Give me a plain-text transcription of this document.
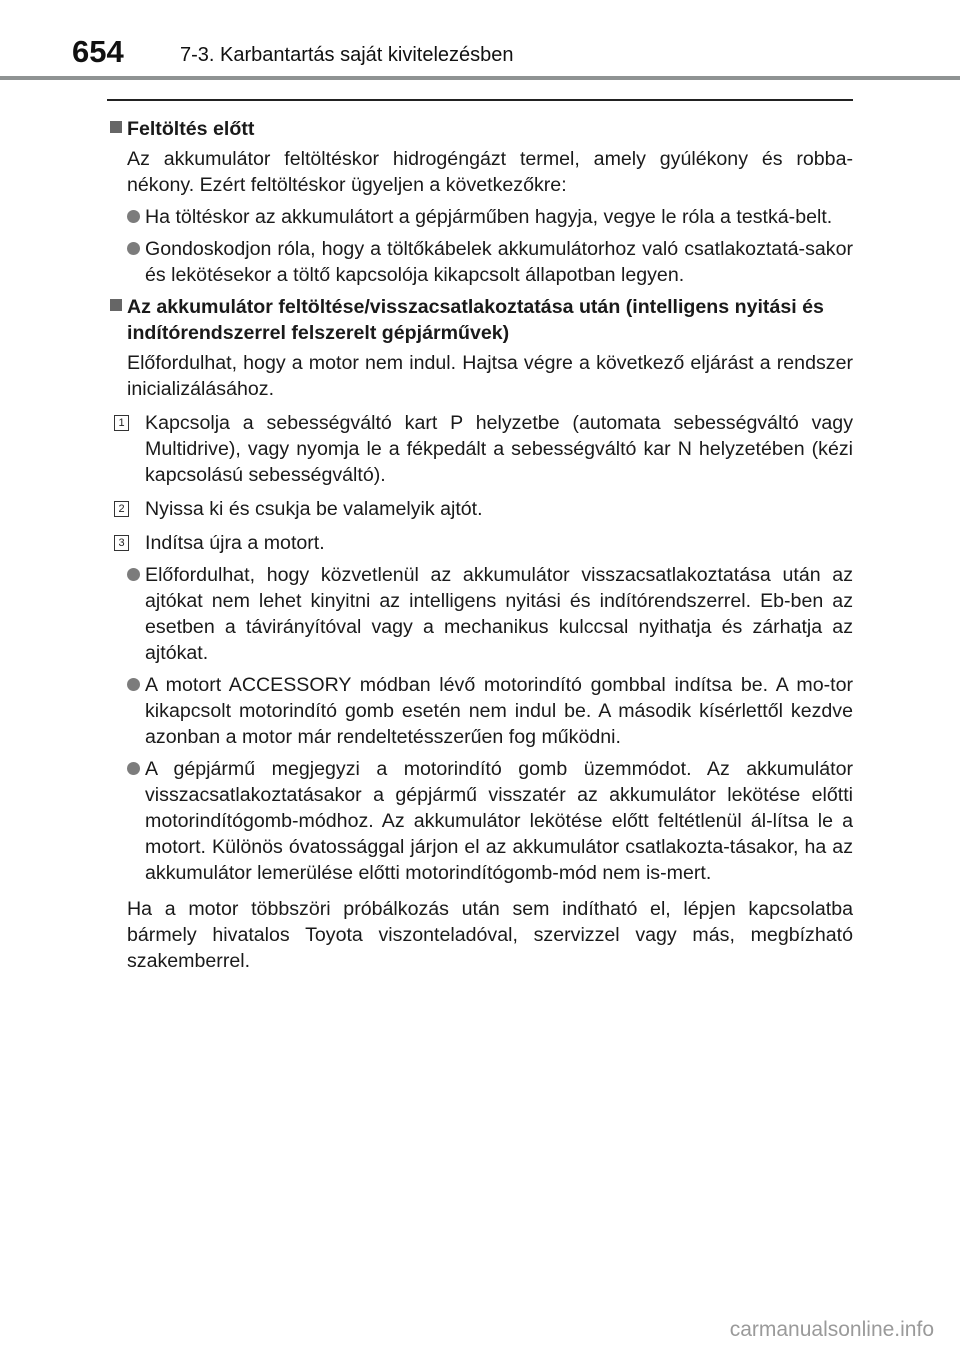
654	7-3. Karbantartás saját kivitelezésben
Feltöltés előtt
Az akkumulátor feltöltéskor hidrogéngázt termel, amely gyúlékony és robba-nékony. Ezért feltöltéskor ügyeljen a következőkre:
Ha töltéskor az akkumulátort a gépjárműben hagyja, vegye le róla a testká-belt.
Gondoskodjon róla, hogy a töltőkábelek akkumulátorhoz való csatlakoztatá-sakor és lekötésekor a töltő kapcsolója kikapcsolt állapotban legyen.
Az akkumulátor feltöltése/visszacsatlakoztatása után (intelligens nyitási és indítórendszerrel felszerelt gépjárművek)
Előfordulhat, hogy a motor nem indul. Hajtsa végre a következő eljárást a rendszer inicializálásához.
1 Kapcsolja a sebességváltó kart P helyzetbe (automata sebességváltó vagy Multidrive), vagy nyomja le a fékpedált a sebességváltó kar N helyzetében (kézi kapcsolású sebességváltó).
2 Nyissa ki és csukja be valamelyik ajtót.
3 Indítsa újra a motort.
Előfordulhat, hogy közvetlenül az akkumulátor visszacsatlakoztatása után az ajtókat nem lehet kinyitni az intelligens nyitási és indítórendszerrel. Eb-ben az esetben a távirányítóval vagy a mechanikus kulccsal nyithatja és zárhatja az ajtókat.
A motort ACCESSORY módban lévő motorindító gombbal indítsa be. A mo-tor kikapcsolt motorindító gomb esetén nem indul be. A második kísérlettől kezdve azonban a motor már rendeltetésszerűen fog működni.
A gépjármű megjegyzi a motorindító gomb üzemmódot. Az akkumulátor visszacsatlakoztatásakor a gépjármű visszatér az akkumulátor lekötése előtti motorindítógomb-módhoz. Az akkumulátor lekötése előtt feltétlenül ál-lítsa le a motort. Különös óvatossággal járjon el az akkumulátor csatlakozta-tásakor, ha az akkumulátor lemerülése előtti motorindítógomb-mód nem is-mert.
Ha a motor többszöri próbálkozás után sem indítható el, lépjen kapcsolatba bármely hivatalos Toyota viszonteladóval, szervizzel vagy más, megbízható szakemberrel.
carmanualsonline.info
